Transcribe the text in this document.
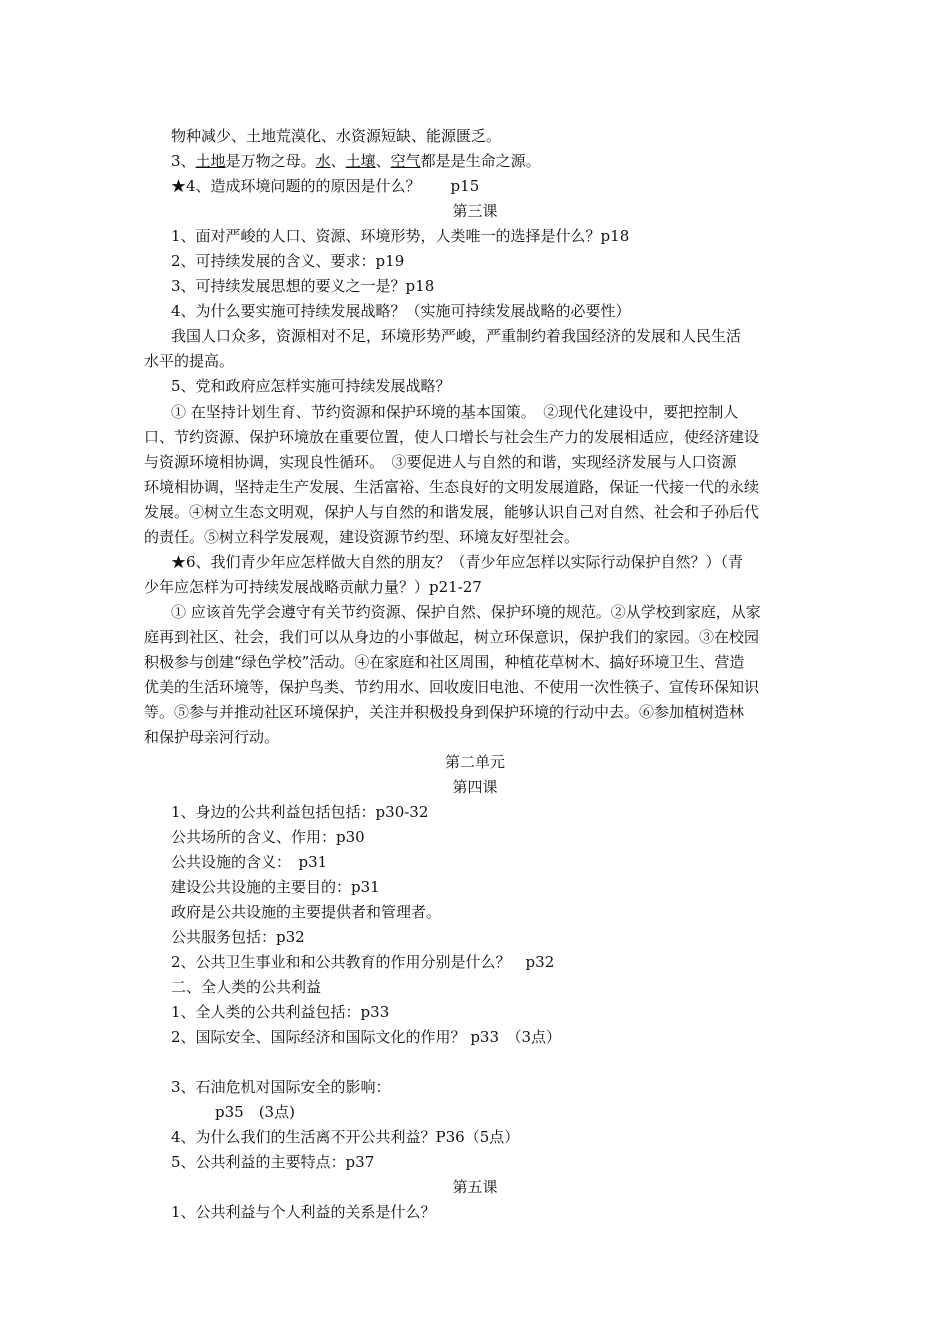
物种减少、土地荒漠化、水资源短缺、能源匮乏。
3、土地是万物之母。水、土壤、空气都是是生命之源。
★4、造成环境问题的的原因是什么？　　p15
第三课
1、面对严峻的人口、资源、环境形势，人类唯一的选择是什么？p18
2、可持续发展的含义、要求：p19
3、可持续发展思想的要义之一是？p18
4、为什么要实施可持续发展战略？（实施可持续发展战略的必要性）
我国人口众多，资源相对不足，环境形势严峻，严重制约着我国经济的发展和人民生活
水平的提高。
5、党和政府应怎样实施可持续发展战略？
① 在坚持计划生育、节约资源和保护环境的基本国策。　②现代化建设中，要把控制人
口、节约资源、保护环境放在重要位置，使人口增长与社会生产力的发展相适应，使经济建设
与资源环境相协调，实现良性循环。　③要促进人与自然的和谐，实现经济发展与人口资源
环境相协调，坚持走生产发展、生活富裕、生态良好的文明发展道路，保证一代接一代的永续
发展。④树立生态文明观，保护人与自然的和谐发展，能够认识自己对自然、社会和子孙后代
的责任。⑤树立科学发展观，建设资源节约型、环境友好型社会。
★6、我们青少年应怎样做大自然的朋友？（青少年应怎样以实际行动保护自然？）（青
少年应怎样为可持续发展战略贡献力量？）p21-27
① 应该首先学会遵守有关节约资源、保护自然、保护环境的规范。②从学校到家庭，从家
庭再到社区、社会，我们可以从身边的小事做起，树立环保意识，保护我们的家园。③在校园
积极参与创建“绿色学校”活动。④在家庭和社区周围，种植花草树木、搞好环境卫生、营造
优美的生活环境等，保护鸟类、节约用水、回收废旧电池、不使用一次性筷子、宣传环保知识
等。⑤参与并推动社区环境保护，关注并积极投身到保护环境的行动中去。⑥参加植树造林
和保护母亲河行动。
第二单元
第四课
1、身边的公共利益包括包括：p30-32
公共场所的含义、作用：p30
公共设施的含义：　p31
建设公共设施的主要目的：p31
政府是公共设施的主要提供者和管理者。
公共服务包括：p32
2、公共卫生事业和和公共教育的作用分别是什么？　p32
二、全人类的公共利益
1、全人类的公共利益包括：p33
2、国际安全、国际经济和国际文化的作用？ p33　（3点）
3、石油危机对国际安全的影响：
p35　(3点)
4、为什么我们的生活离不开公共利益？P36（5点）
5、公共利益的主要特点：p37
第五课
1、公共利益与个人利益的关系是什么？
